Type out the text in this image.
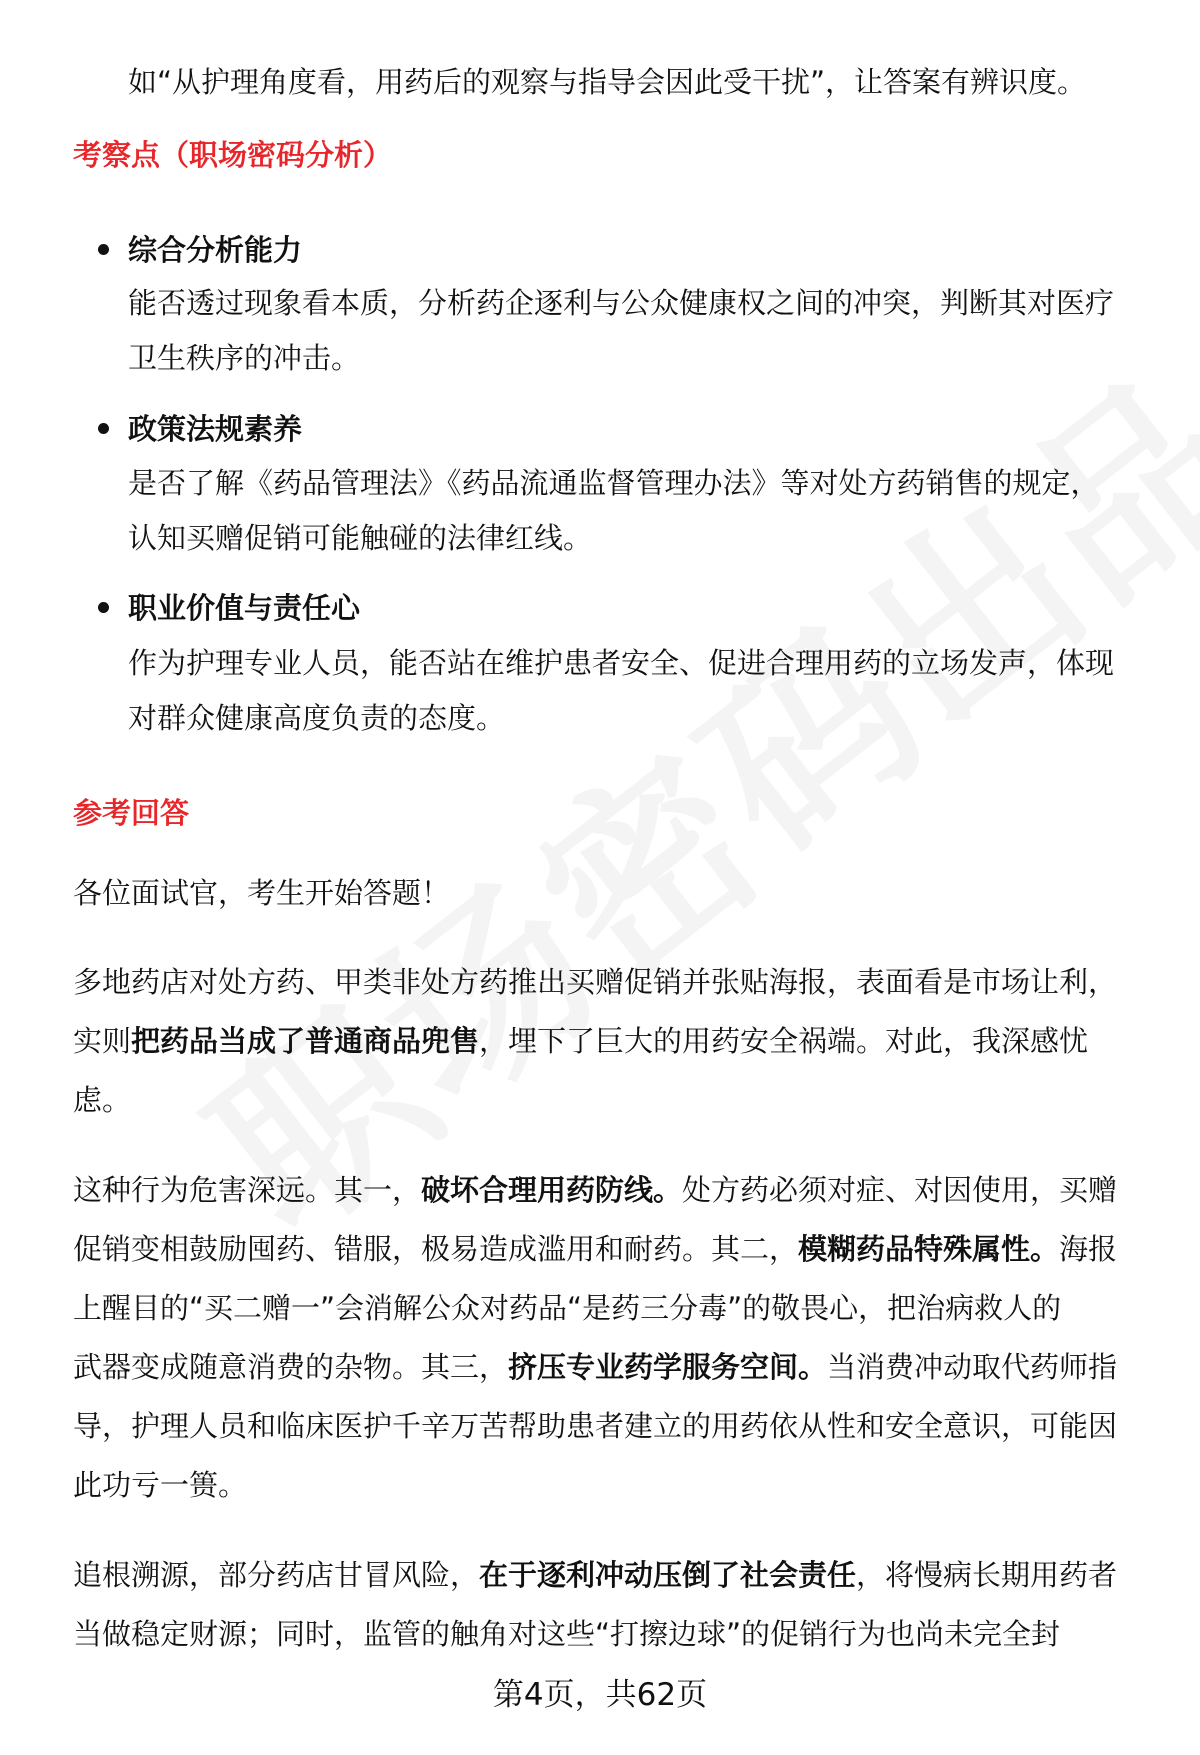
如“从护理角度看，用药后的观察与指导会因此受干扰”，让答案有辨识度。
考察点（职场密码分析）
综合分析能力
能否透过现象看本质，分析药企逐利与公众健康权之间的冲突，判断其对医疗
卫生秩序的冲击。
政策法规素养
是否了解《药品管理法》《药品流通监督管理办法》等对处方药销售的规定，
认知买赠促销可能触碰的法律红线。
职业价值与责任心
作为护理专业人员，能否站在维护患者安全、促进合理用药的立场发声，体现
对群众健康高度负责的态度。
参考回答
各位面试官，考生开始答题！
多地药店对处方药、甲类非处方药推出买赠促销并张贴海报，表面看是市场让利，
实则把药品当成了普通商品兜售，埋下了巨大的用药安全祸端。对此，我深感忧
虑。
这种行为危害深远。其一，破坏合理用药防线。处方药必须对症、对因使用，买赠
促销变相鼓励囤药、错服，极易造成滥用和耐药。其二，模糊药品特殊属性。海报
上醒目的“买二赠一”会消解公众对药品“是药三分毒”的敬畏心，把治病救人的
武器变成随意消费的杂物。其三，挤压专业药学服务空间。当消费冲动取代药师指
导，护理人员和临床医护千辛万苦帮助患者建立的用药依从性和安全意识，可能因
此功亏一篑。
追根溯源，部分药店甘冒风险，在于逐利冲动压倒了社会责任，将慢病长期用药者
当做稳定财源；同时，监管的触角对这些“打擦边球”的促销行为也尚未完全封
第4页，共62页
